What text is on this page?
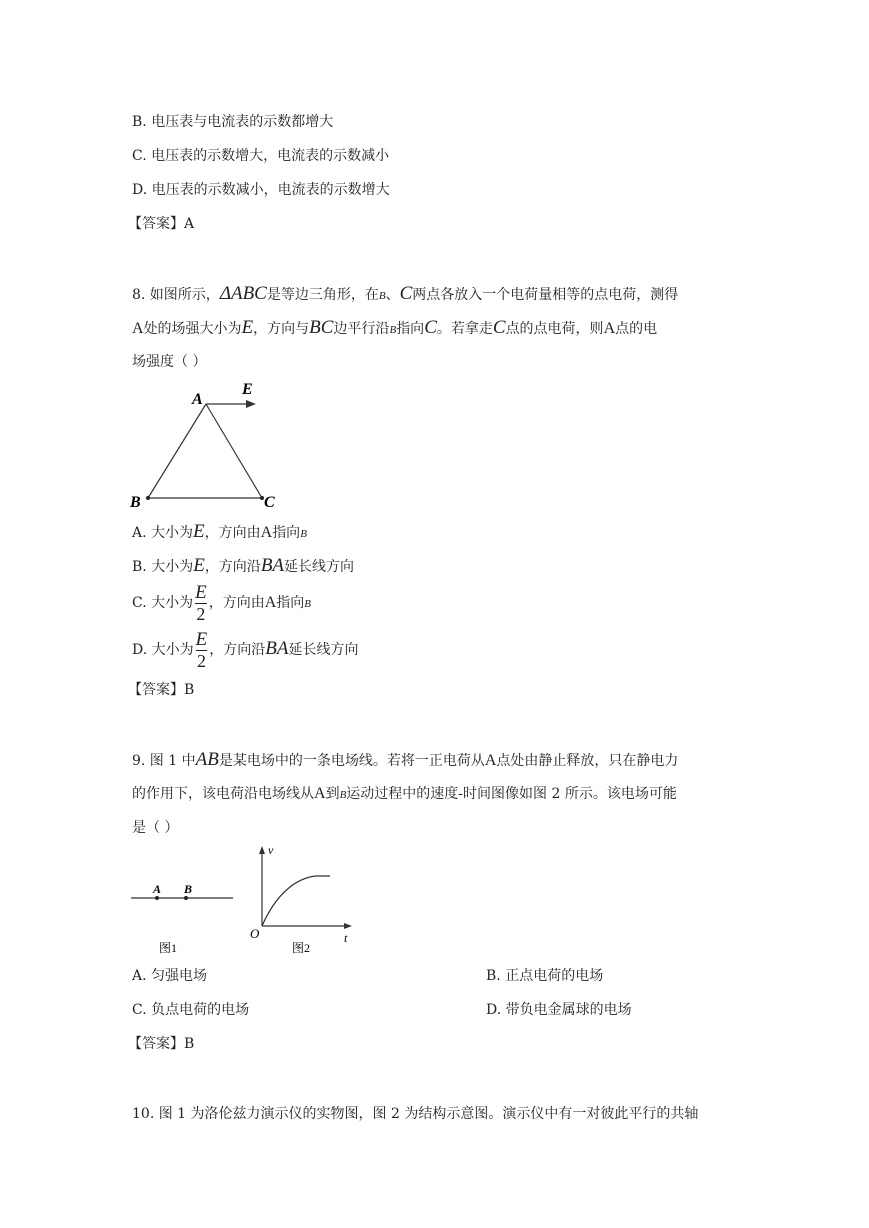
B. 电压表与电流表的示数都增大
C. 电压表的示数增大，电流表的示数减小
D. 电压表的示数减小，电流表的示数增大
【答案】A
8. 如图所示，ΔABC是等边三角形，在B、C两点各放入一个电荷量相等的点电荷，测得
A处的场强大小为E，方向与BC边平行沿B指向C。若拿走C点的点电荷，则A点的电
场强度（ ）
A
E
B	C
A. 大小为E，方向由A指向B
B. 大小为E，方向沿BA延长线方向
C. 大小为 $\frac{E}{2}$ ，方向由A指向B
D. 大小为 $\frac{E}{2}$ ，方向沿BA延长线方向
【答案】B
9. 图 1 中AB是某电场中的一条电场线。若将一正电荷从A点处由静止释放，只在静电力
的作用下，该电荷沿电场线从A到B运动过程中的速度-时间图像如图 2 所示。该电场可能
是（ ）
A B
图1
v
O	t
图2
A. 匀强电场	B. 正点电荷的电场
C. 负点电荷的电场	D. 带负电金属球的电场
【答案】B
10. 图 1 为洛伦兹力演示仪的实物图，图 2 为结构示意图。演示仪中有一对彼此平行的共轴
